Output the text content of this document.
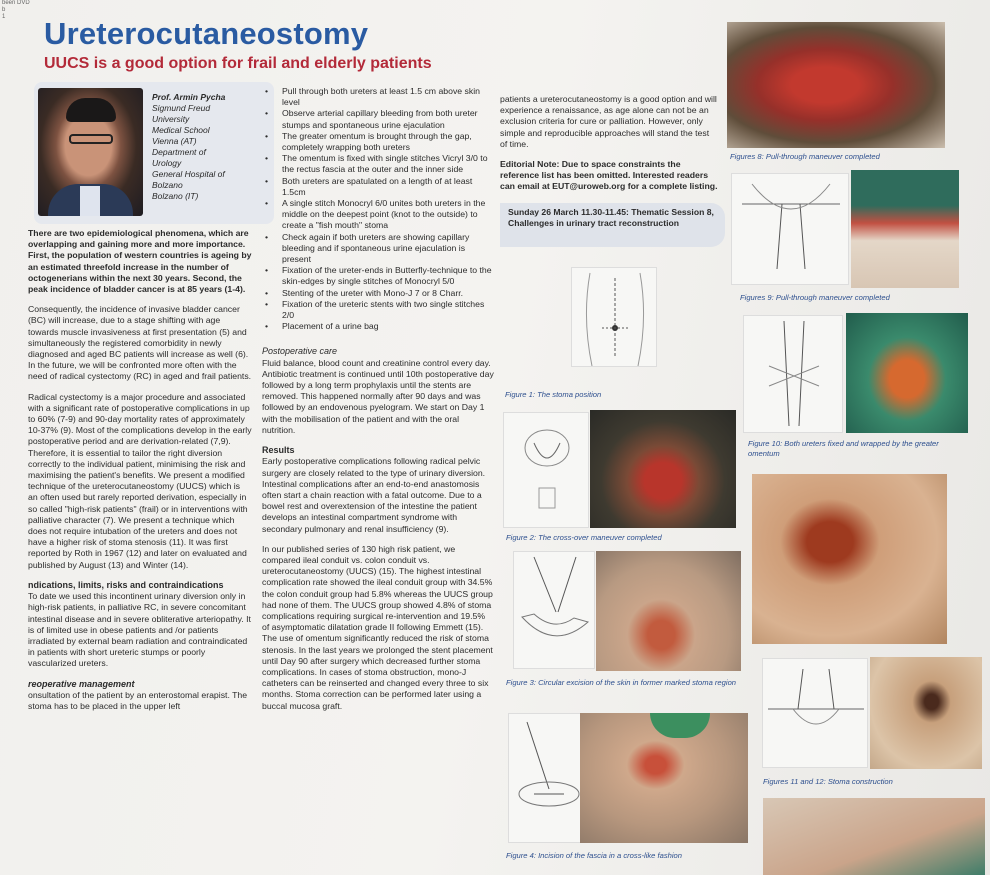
been DVD
b
1	Ureterocutaneostomy
UUCS is a good option for frail and elderly patients
Prof. Armin Pycha
Sigmund Freud
University
Medical School
Vienna (AT)
Department of
Urology
General Hospital of
Bolzano
Bolzano (IT)

There are two epidemiological phenomena, which are overlapping and gaining more and more importance. First, the population of western countries is ageing by an estimated threefold increase in the number of octogenerians within the next 30 years. Second, the peak incidence of bladder cancer is at 85 years (1-4).

Consequently, the incidence of invasive bladder cancer (BC) will increase, due to a stage shifting with age towards muscle invasiveness at first presentation (5) and simultaneously the registered comorbidity in newly diagnosed and aged BC patients will increase as well (6). In the future, we will be confronted more often with the need of radical cystectomy (RC) in aged and frail patients.

Radical cystectomy is a major procedure and associated with a significant rate of postoperative complications in up to 60% (7-9) and 90-day mortality rates of approximately 10-37% (9). Most of the complications develop in the early postoperative period and are derivation-related (7,9). Therefore, it is essential to tailor the right diversion correctly to the individual patient, minimising the risk and maximising the patient's benefits. We present a modified technique of the ureterocutaneostomy (UUCS) which is an often used but rarely reported derivation, especially in so called "high-risk patients" (frail) or in interventions with palliative character (7). We present a technique which does not require intubation of the ureters and does not have a higher risk of stoma stenosis (11). It was first reported by Roth in 1967 (12) and later on evaluated and published by August (13) and Winter (14).

ndications, limits, risks and contraindications

To date we used this incontinent urinary diversion only in high-risk patients, in palliative RC, in severe concomitant intestinal disease and in severe obliterative arteriopathy. It is of limited use in obese patients and /or patients irradiated by external beam radiation and contraindicated in patients with short ureteric stumps or poorly vascularized ureters.

reoperative management

onsultation of the patient by an enterostomal erapist. The stoma has to be placed in the upper left

• Pull through both ureters at least 1.5 cm above skin level
• Observe arterial capillary bleeding from both ureter stumps and spontaneous urine ejaculation
• The greater omentum is brought through the gap, completely wrapping both ureters
• The omentum is fixed with single stitches Vicryl 3/0 to the rectus fascia at the outer and the inner side
• Both ureters are spatulated on a length of at least 1.5cm
• A single stitch Monocryl 6/0 unites both ureters in the middle on the deepest point (knot to the outside) to create a "fish mouth" stoma
• Check again if both ureters are showing capillary bleeding and if spontaneous urine ejaculation is present
• Fixation of the ureter-ends in Butterfly-technique to the skin-edges by single stitches of Monocryl 5/0
• Stenting of the ureter with Mono-J 7 or 8 Charr.
• Fixation of the ureteric stents with two single stitches 2/0
• Placement of a urine bag
Postoperative care

Fluid balance, blood count and creatinine control every day. Antibiotic treatment is continued until 10th postoperative day followed by a long term prophylaxis until the stents are removed. This happened normally after 90 days and was followed by an endovenous pyelogram. We start on Day 1 with the mobilisation of the patient and with the oral nutrition.

Results

Early postoperative complications following radical pelvic surgery are closely related to the type of urinary diversion. Intestinal complications after an end-to-end anastomosis often start a chain reaction with a fatal outcome. Due to a bowel rest and overextension of the intestine the patient develops an intestinal compartment syndrome with secondary pulmonary and renal insufficiency (9).

In our published series of 130 high risk patient, we compared ileal conduit vs. colon conduit vs. ureterocutaneostomy (UUCS) (15). The highest intestinal complication rate showed the ileal conduit group with 34.5% the colon conduit group had 5.8% whereas the UUCS group had none of them. The UUCS group showed 4.8% of stoma complications requiring surgical re-intervention and 19.5% of asymptomatic dilatation grade II following Emmett (15). The use of omentum significantly reduced the risk of stoma stenosis. In the last years we prolonged the stent placement until Day 90 after surgery which decreased further stoma complications. In cases of stoma obstruction, mono-J catheters can be reinserted and changed every three to six months. Stoma correction can be performed later using a buccal mucosa graft.

patients a ureterocutaneostomy is a good option and will experience a renaissance, as age alone can not be an exclusion criteria for cure or palliation. However, only simple and reproducible approaches will stand the test of time.

Editorial Note: Due to space constraints the reference list has been omitted. Interested readers can email at EUT@uroweb.org for a complete listing.

Sunday 26 March 11.30-11.45: Thematic Session 8, Challenges in urinary tract reconstruction
Figure 1: The stoma position
Figure 2: The cross-over maneuver completed
Figure 3: Circular excision of the skin in former marked stoma region
Figure 4: Incision of the fascia in a cross-like fashion
Figures 8: Pull-through maneuver completed
Figures 9: Pull-through maneuver completed
Figure 10: Both ureters fixed and wrapped by the greater omentum
Figures 11 and 12: Stoma construction
